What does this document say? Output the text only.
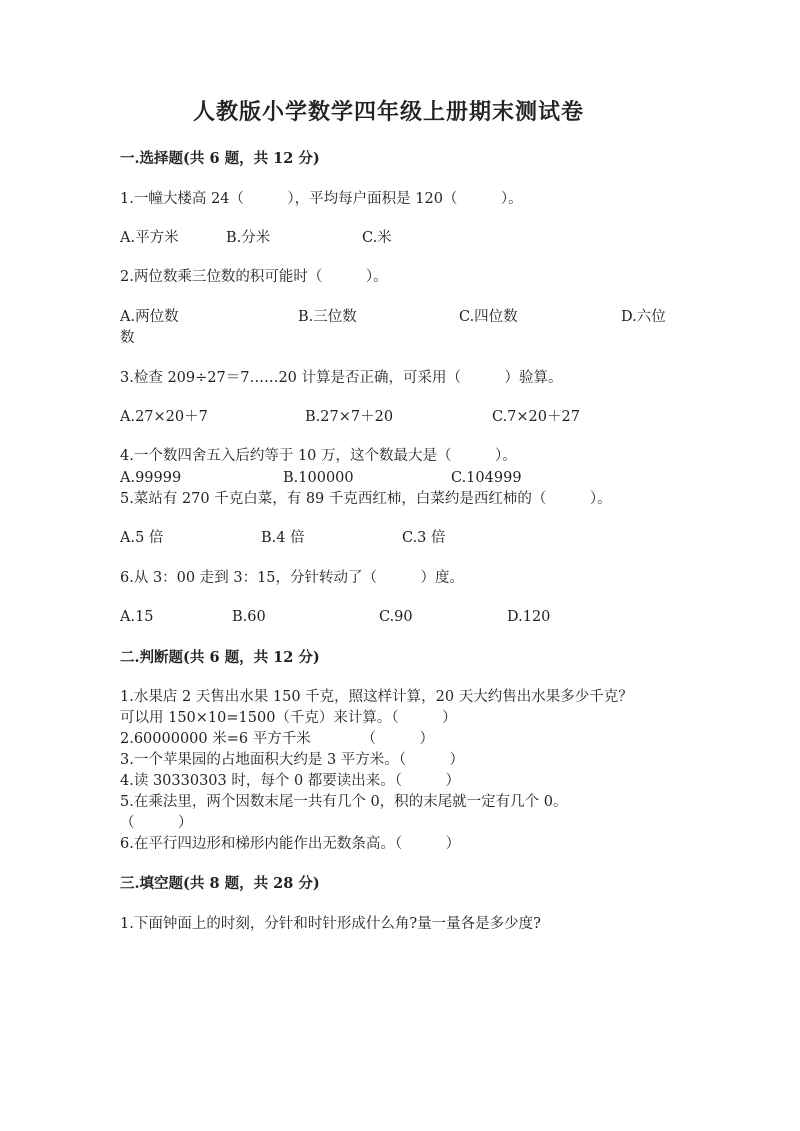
人教版小学数学四年级上册期末测试卷
一.选择题(共 6 题，共 12 分)
1.一幢大楼高 24（　　　），平均每户面积是 120（　　　）。
A.平方米	B.分米	C.米
2.两位数乘三位数的积可能时（　　　）。
A.两位数	B.三位数	C.四位数	D.六位
数
3.检查 209÷27＝7……20 计算是否正确，可采用（　　　）验算。
A.27×20＋7	B.27×7＋20	C.7×20＋27
4.一个数四舍五入后约等于 10 万，这个数最大是（　　　）。
A.99999	B.100000	C.104999
5.菜站有 270 千克白菜，有 89 千克西红柿，白菜约是西红柿的（　　　）。
A.5 倍	B.4 倍	C.3 倍
6.从 3：00 走到 3：15，分针转动了（　　　）度。
A.15	B.60	C.90	D.120
二.判断题(共 6 题，共 12 分)
1.水果店 2 天售出水果 150 千克，照这样计算，20 天大约售出水果多少千克？
可以用 150×10=1500（千克）来计算。（　　　）
2.60000000 米=6 平方千米　　　　（　　　）
3.一个苹果园的占地面积大约是 3 平方米。（　　　）
4.读 30330303 时，每个 0 都要读出来。（　　　）
5.在乘法里，两个因数末尾一共有几个 0，积的末尾就一定有几个 0。
（　　　）
6.在平行四边形和梯形内能作出无数条高。（　　　）
三.填空题(共 8 题，共 28 分)
1.下面钟面上的时刻，分针和时针形成什么角?量一量各是多少度?
